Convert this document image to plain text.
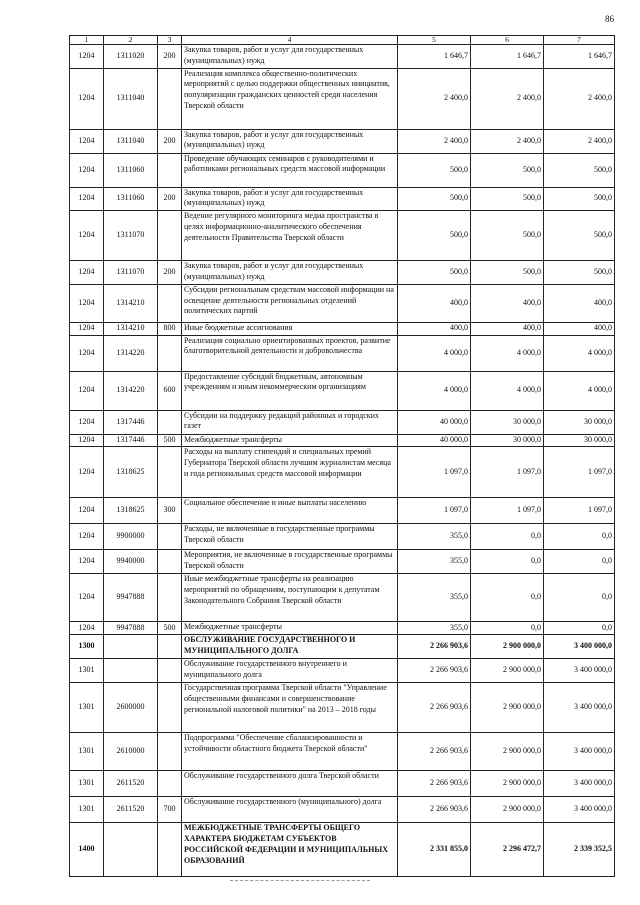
86
1	2	3	4	5	6	7
1204	1311020	200	Закупка товаров, работ и услуг для государственных (муниципальных) нужд	1 646,7	1 646,7	1 646,7
1204	1311040		Реализация комплекса общественно-политических мероприятий с целью поддержки общественных инициатив, популяризации гражданских ценностей среди населения Тверской области	2 400,0	2 400,0	2 400,0
1204	1311040	200	Закупка товаров, работ и услуг для государственных (муниципальных) нужд	2 400,0	2 400,0	2 400,0
1204	1311060		Проведение обучающих семинаров с руководителями и работниками региональных средств массовой информации	500,0	500,0	500,0
1204	1311060	200	Закупка товаров, работ и услуг для государственных (муниципальных) нужд	500,0	500,0	500,0
1204	1311070		Ведение регулярного мониторинга медиа пространства в целях информационно-аналитического обеспечения деятельности Правительства Тверской области	500,0	500,0	500,0
1204	1311070	200	Закупка товаров, работ и услуг для государственных (муниципальных) нужд	500,0	500,0	500,0
1204	1314210		Субсидии региональным средствам массовой информации на освещение деятельности региональных отделений политических партий	400,0	400,0	400,0
1204	1314210	800	Иные бюджетные ассигнования	400,0	400,0	400,0
1204	1314220		Реализация социально ориентированных проектов, развитие благотворительной деятельности и добровольчества	4 000,0	4 000,0	4 000,0
1204	1314220	600	Предоставление субсидий бюджетным, автономным учреждениям и иным некоммерческим организациям	4 000,0	4 000,0	4 000,0
1204	1317446		Субсидии на поддержку редакций районных и городских газет	40 000,0	30 000,0	30 000,0
1204	1317446	500	Межбюджетные трансферты	40 000,0	30 000,0	30 000,0
1204	1318625		Расходы на выплату стипендий и специальных премий Губернатора Тверской области лучшим журналистам месяца и года региональных средств массовой информации	1 097,0	1 097,0	1 097,0
1204	1318625	300	Социальное обеспечение и иные выплаты населению	1 097,0	1 097,0	1 097,0
1204	9900000		Расходы, не включенные в государственные программы Тверской области	355,0	0,0	0,0
1204	9940000		Мероприятия, не включенные в государственные программы Тверской области	355,0	0,0	0,0
1204	9947888		Иные межбюджетные трансферты на реализацию мероприятий по обращениям, поступающим к депутатам Законодательного Собрания Тверской области	355,0	0,0	0,0
1204	9947888	500	Межбюджетные трансферты	355,0	0,0	0,0
1300			ОБСЛУЖИВАНИЕ ГОСУДАРСТВЕННОГО И МУНИЦИПАЛЬНОГО ДОЛГА	2 266 903,6	2 900 000,0	3 400 000,0
1301			Обслуживание государственного внутреннего и муниципального долга	2 266 903,6	2 900 000,0	3 400 000,0
1301	2600000		Государственная программа Тверской области "Управление общественными финансами и совершенствование региональной налоговой политики" на 2013 – 2018 годы	2 266 903,6	2 900 000,0	3 400 000,0
1301	2610000		Подпрограмма "Обеспечение сбалансированности и устойчивости областного бюджета Тверской области"	2 266 903,6	2 900 000,0	3 400 000,0
1301	2611520		Обслуживание государственного долга Тверской области	2 266 903,6	2 900 000,0	3 400 000,0
1301	2611520	700	Обслуживание государственного (муниципального) долга	2 266 903,6	2 900 000,0	3 400 000,0
1400			МЕЖБЮДЖЕТНЫЕ ТРАНСФЕРТЫ ОБЩЕГО ХАРАКТЕРА БЮДЖЕТАМ СУБЪЕКТОВ РОССИЙСКОЙ ФЕДЕРАЦИИ И МУНИЦИПАЛЬНЫХ ОБРАЗОВАНИЙ	2 331 855,0	2 296 472,7	2 339 352,5
